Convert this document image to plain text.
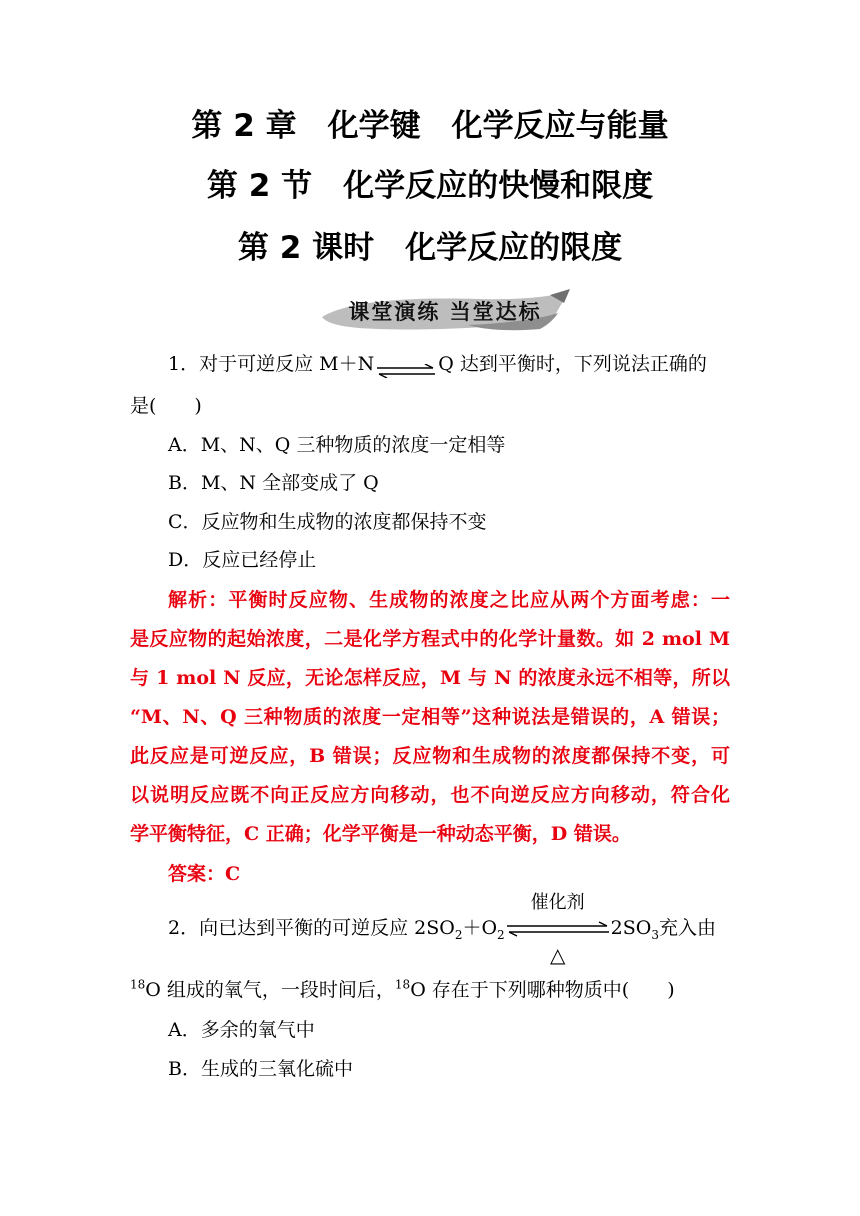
第 2 章　化学键　化学反应与能量
第 2 节　化学反应的快慢和限度
第 2 课时　化学反应的限度
课堂演练 当堂达标
1．对于可逆反应 M＋N⇌Q 达到平衡时，下列说法正确的
是(　　)
A．M、N、Q 三种物质的浓度一定相等
B．M、N 全部变成了 Q
C．反应物和生成物的浓度都保持不变
D．反应已经停止
解析：平衡时反应物、生成物的浓度之比应从两个方面考虑：一
是反应物的起始浓度，二是化学方程式中的化学计量数。如 2 mol M
与 1 mol N 反应，无论怎样反应，M 与 N 的浓度永远不相等，所以
“M、N、Q 三种物质的浓度一定相等”这种说法是错误的，A 错误；
此反应是可逆反应，B 错误；反应物和生成物的浓度都保持不变，可
以说明反应既不向正反应方向移动，也不向逆反应方向移动，符合化
学平衡特征，C 正确；化学平衡是一种动态平衡，D 错误。
答案：C
2．向已达到平衡的可逆反应 $2SO_2+O_2$
催化剂
△
$2SO_3$充入由
$^{18}$O 组成的氧气，一段时间后，$^{18}$O 存在于下列哪种物质中(　　)
A．多余的氧气中
B．生成的三氧化硫中
